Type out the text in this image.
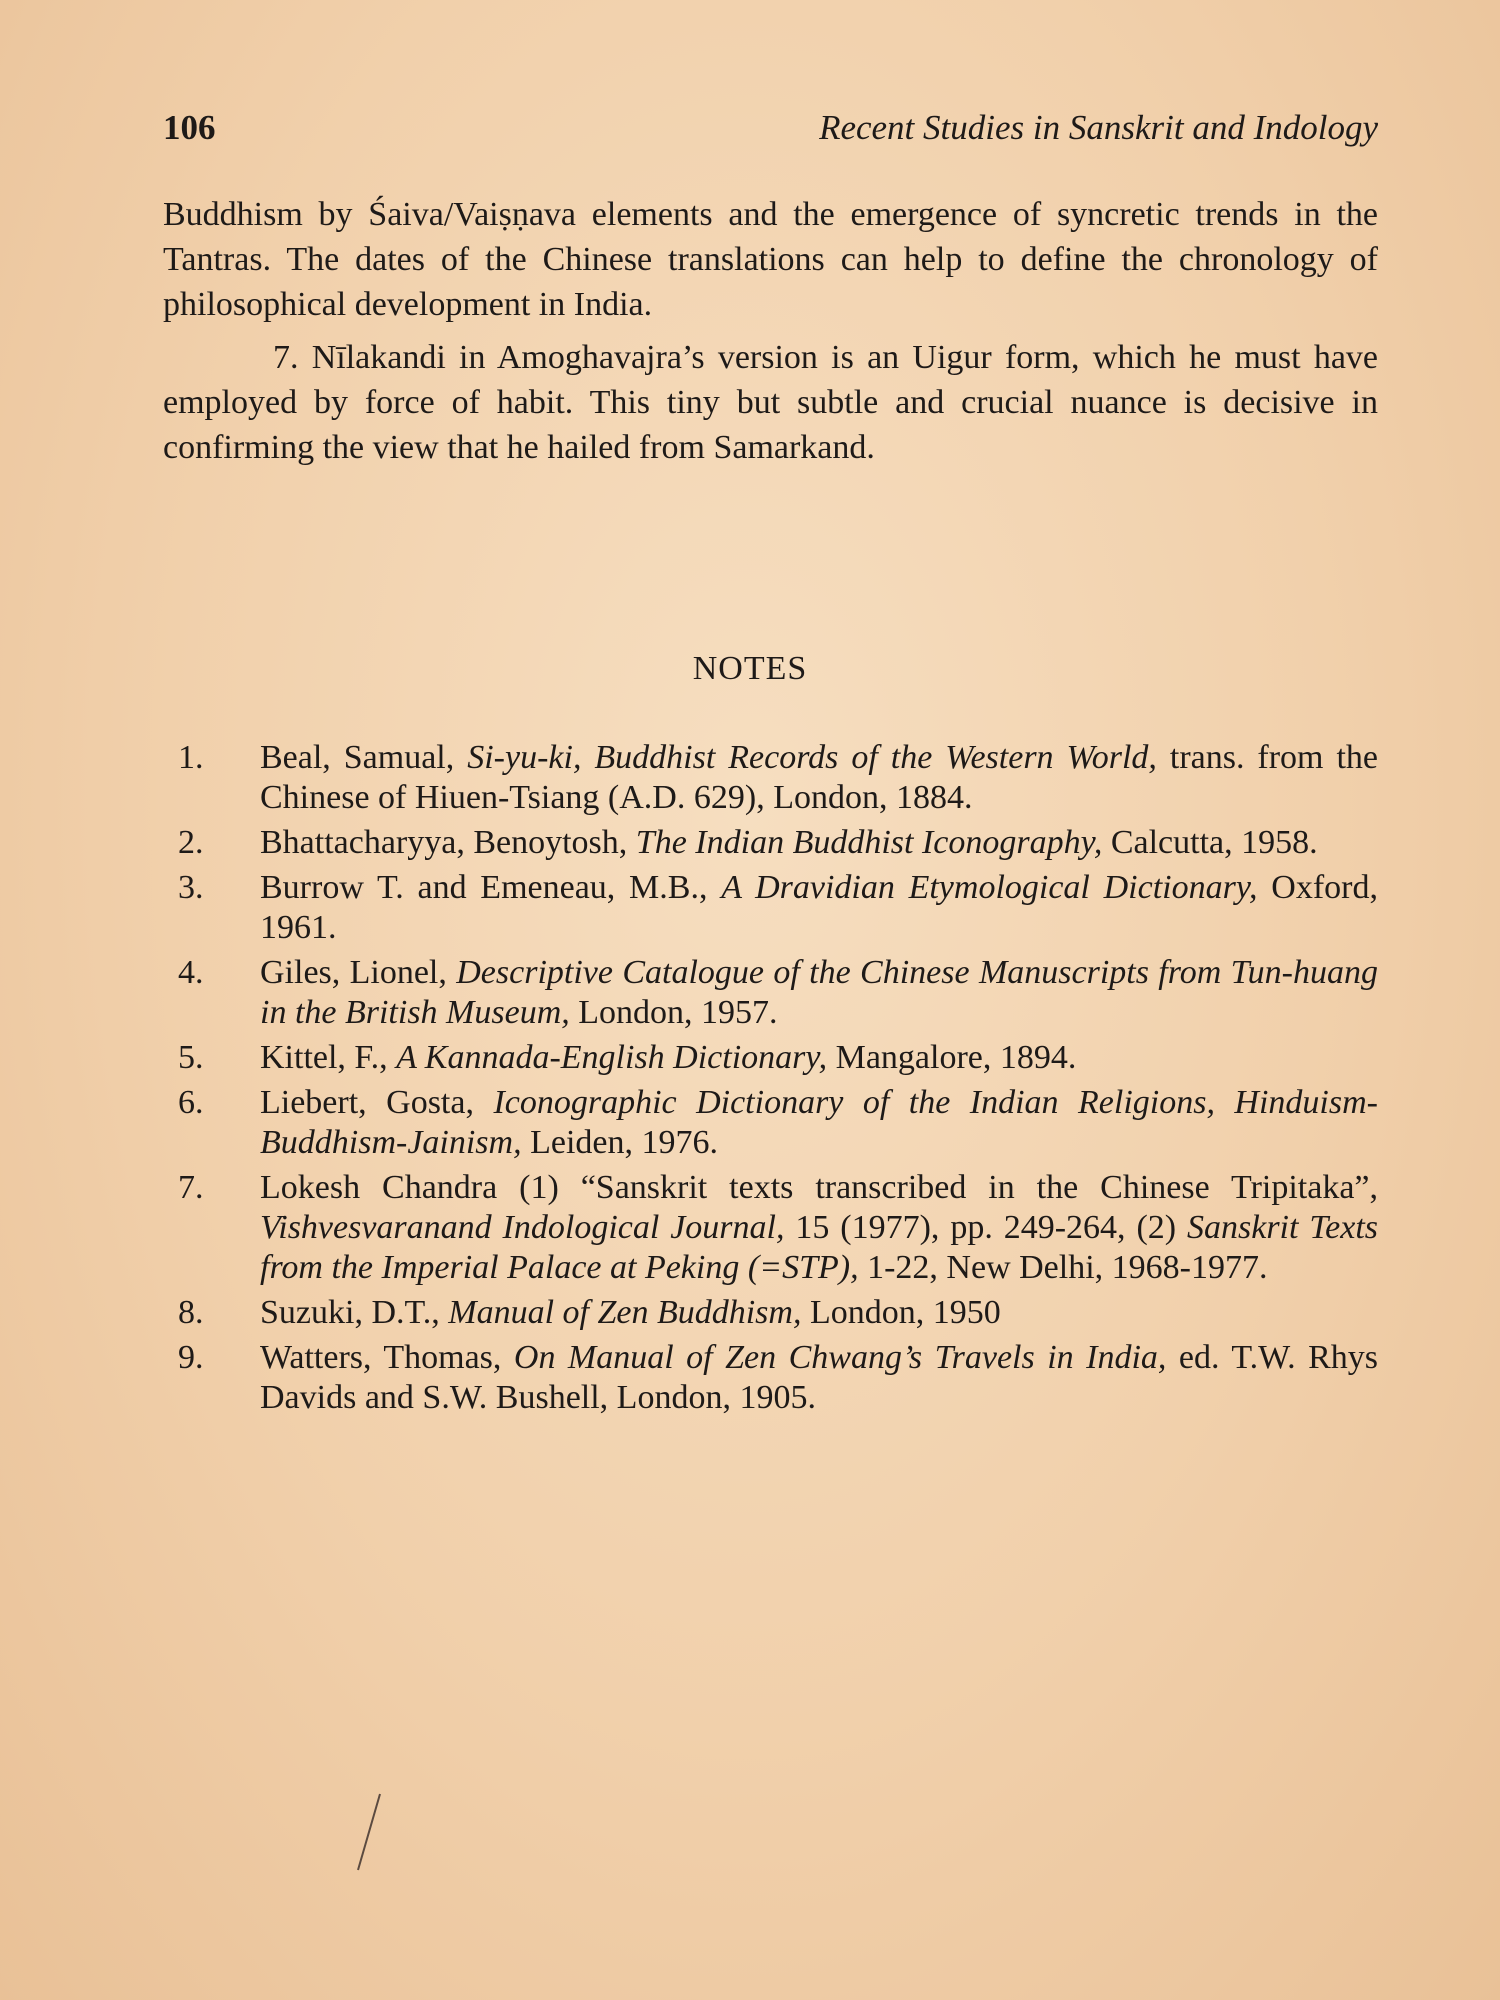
106	Recent Studies in Sanskrit and Indology

Buddhism by Śaiva/Vaiṣṇava elements and the emergence of syncretic trends in the Tantras. The dates of the Chinese translations can help to define the chronology of philosophical development in India.

7. Nīlakandi in Amoghavajra’s version is an Uigur form, which he must have employed by force of habit. This tiny but subtle and crucial nuance is decisive in confirming the view that he hailed from Samarkand.

NOTES
1.	Beal, Samual, Si-yu-ki, Buddhist Records of the Western World, trans. from the Chinese of Hiuen-Tsiang (A.D. 629), London, 1884.
2.	Bhattacharyya, Benoytosh, The Indian Buddhist Iconography, Calcutta, 1958.
3.	Burrow T. and Emeneau, M.B., A Dravidian Etymological Dictionary, Oxford, 1961.
4.	Giles, Lionel, Descriptive Catalogue of the Chinese Manuscripts from Tun-huang in the British Museum, London, 1957.
5.	Kittel, F., A Kannada-English Dictionary, Mangalore, 1894.
6.	Liebert, Gosta, Iconographic Dictionary of the Indian Religions, Hinduism-Buddhism-Jainism, Leiden, 1976.
7.	Lokesh Chandra (1) “Sanskrit texts transcribed in the Chinese Tripitaka”, Vishvesvaranand Indological Journal, 15 (1977), pp. 249-264, (2) Sanskrit Texts from the Imperial Palace at Peking (=STP), 1-22, New Delhi, 1968-1977.
8.	Suzuki, D.T., Manual of Zen Buddhism, London, 1950
9.	Watters, Thomas, On Manual of Zen Chwang’s Travels in India, ed. T.W. Rhys Davids and S.W. Bushell, London, 1905.
